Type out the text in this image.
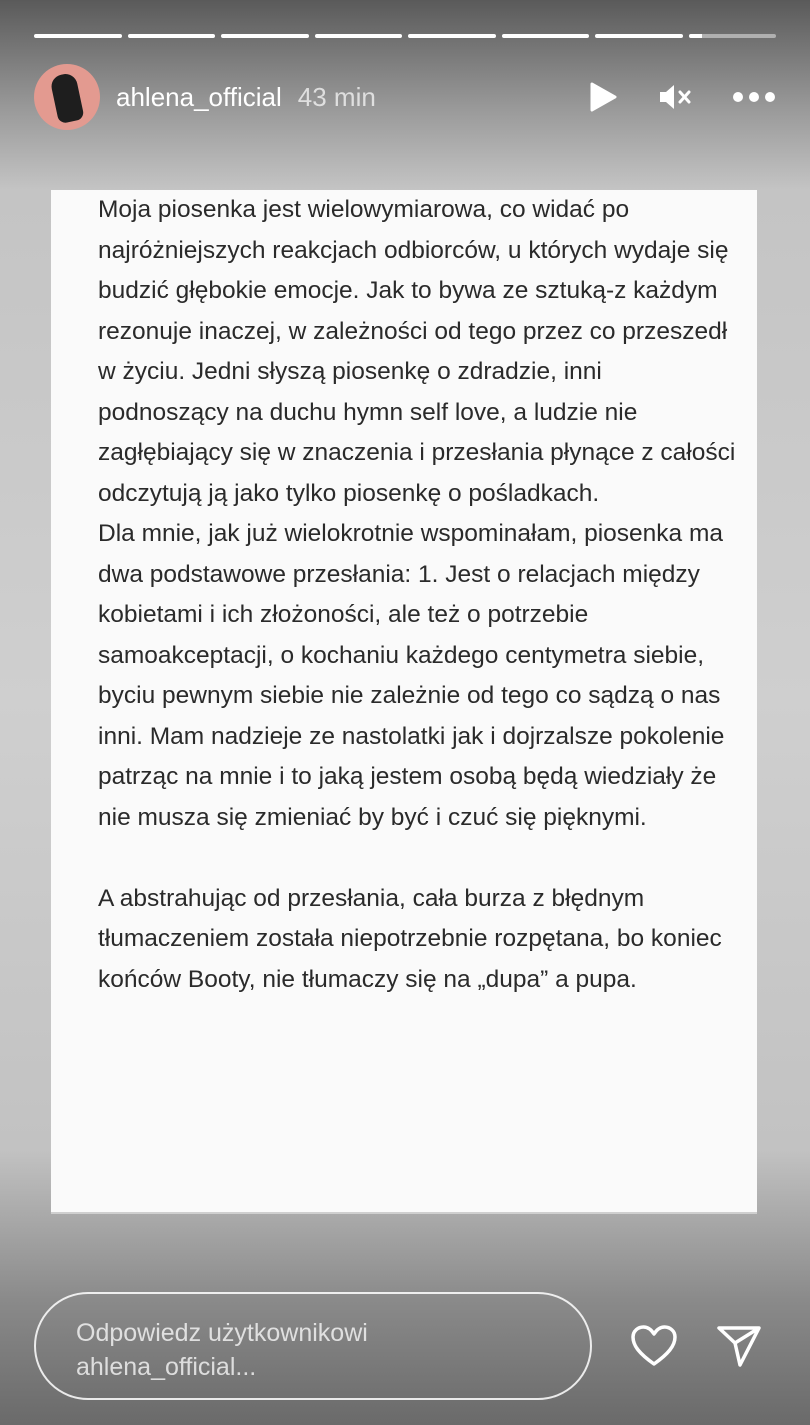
ahlena_official 43 min
Moja piosenka jest wielowymiarowa, co widać po najróżniejszych reakcjach odbiorców, u których wydaje się budzić głębokie emocje. Jak to bywa ze sztuką-z każdym rezonuje inaczej, w zależności od tego przez co przeszedł w życiu. Jedni słyszą piosenkę o zdradzie, inni podnoszący na duchu hymn self love, a ludzie nie zagłębiający się w znaczenia i przesłania płynące z całości odczytują ją jako tylko piosenkę o pośladkach.
Dla mnie, jak już wielokrotnie wspominałam, piosenka ma dwa podstawowe przesłania: 1. Jest o relacjach między kobietami i ich złożoności, ale też o potrzebie samoakceptacji, o kochaniu każdego centymetra siebie, byciu pewnym siebie nie zależnie od tego co sądzą o nas inni. Mam nadzieje ze nastolatki jak i dojrzalsze pokolenie patrząc na mnie i to jaką jestem osobą będą wiedziały że nie musza się zmieniać by być i czuć się pięknymi.

A abstrahując od przesłania, cała burza z błędnym tłumaczeniem została niepotrzebnie rozpętana, bo koniec końców Booty, nie tłumaczy się na „dupa” a pupa.
Odpowiedz użytkownikowi ahlena_official...
